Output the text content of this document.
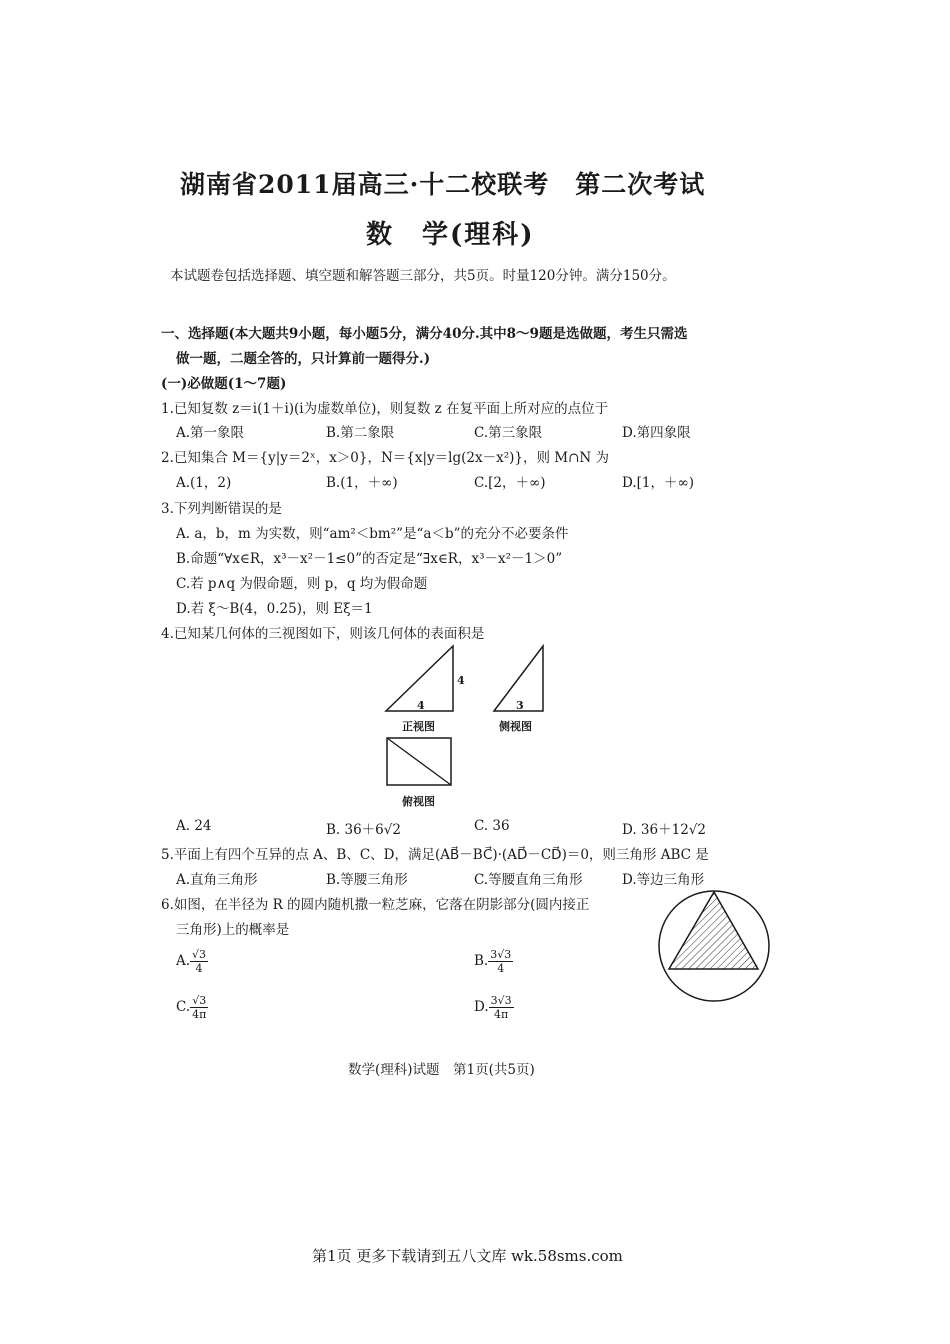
湖南省2011届高三·十二校联考　第二次考试
数　学(理科)
本试题卷包括选择题、填空题和解答题三部分，共5页。时量120分钟。满分150分。
一、选择题(本大题共9小题，每小题5分，满分40分.其中8～9题是选做题，考生只需选
做一题，二题全答的，只计算前一题得分.)
(一)必做题(1～7题)
1.已知复数 z＝i(1＋i)(i为虚数单位)，则复数 z 在复平面上所对应的点位于
A.第一象限	B.第二象限	C.第三象限	D.第四象限
2.已知集合 M＝{y|y＝2ˣ，x＞0}，N＝{x|y＝lg(2x－x²)}，则 M∩N 为
A.(1，2)	B.(1，＋∞)	C.[2，＋∞)	D.[1，＋∞)
3.下列判断错误的是
A. a，b，m 为实数，则“am²＜bm²”是“a＜b”的充分不必要条件
B.命题“∀x∈R，x³－x²－1≤0”的否定是“∃x∈R，x³－x²－1＞0”
C.若 p∧q 为假命题，则 p，q 均为假命题
D.若 ξ～B(4，0.25)，则 Eξ＝1
4.已知某几何体的三视图如下，则该几何体的表面积是
4
4
3
正视图	侧视图
俯视图
A. 24	B. 36＋6√2	C. 36	D. 36＋12√2
5.平面上有四个互异的点 A、B、C、D，满足(AB⃗－BC⃗)·(AD⃗－CD⃗)＝0，则三角形 ABC 是
A.直角三角形	B.等腰三角形	C.等腰直角三角形	D.等边三角形
6.如图，在半径为 R 的圆内随机撒一粒芝麻，它落在阴影部分(圆内接正
三角形)上的概率是
A. $\frac{√3}{4}$	B. $\frac{3√3}{4}$
C. $\frac{√3}{4\pi}$	D. $\frac{3√3}{4\pi}$
数学(理科)试题　第1页(共5页)
第1页 更多下载请到五八文库 wk.58sms.com
